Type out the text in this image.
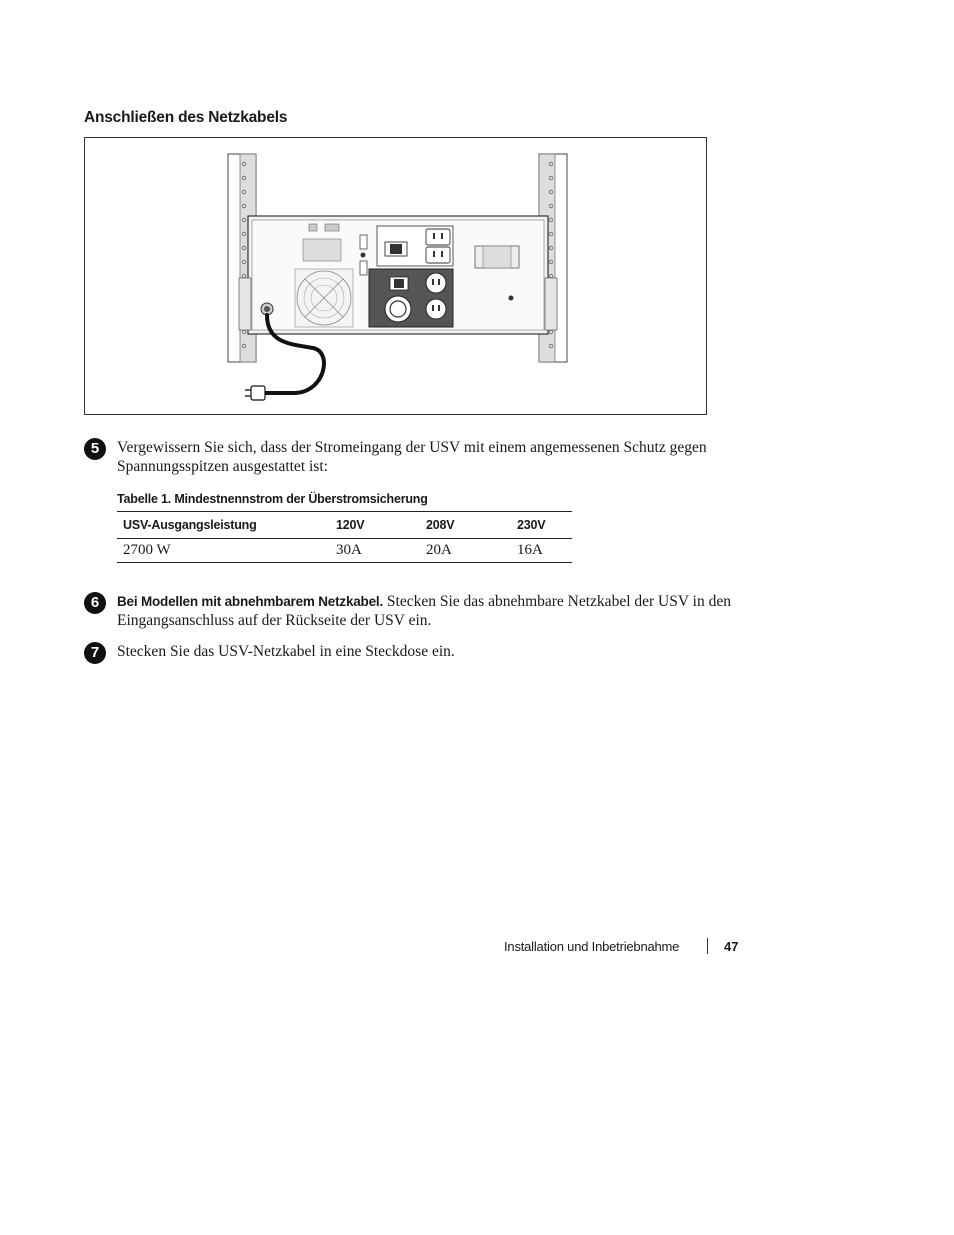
Anschließen des Netzkabels
5	Vergewissern Sie sich, dass der Stromeingang der USV mit einem angemessenen Schutz gegen Spannungsspitzen ausgestattet ist:
Tabelle 1. Mindestnennstrom der Überstromsicherung
USV-Ausgangsleistung	120V	208V	230V
2700 W	30A	20A	16A
6	Bei Modellen mit abnehmbarem Netzkabel. Stecken Sie das abnehmbare Netzkabel der USV in den Eingangsanschluss auf der Rückseite der USV ein.
7	Stecken Sie das USV-Netzkabel in eine Steckdose ein.
Installation und Inbetriebnahme	47
